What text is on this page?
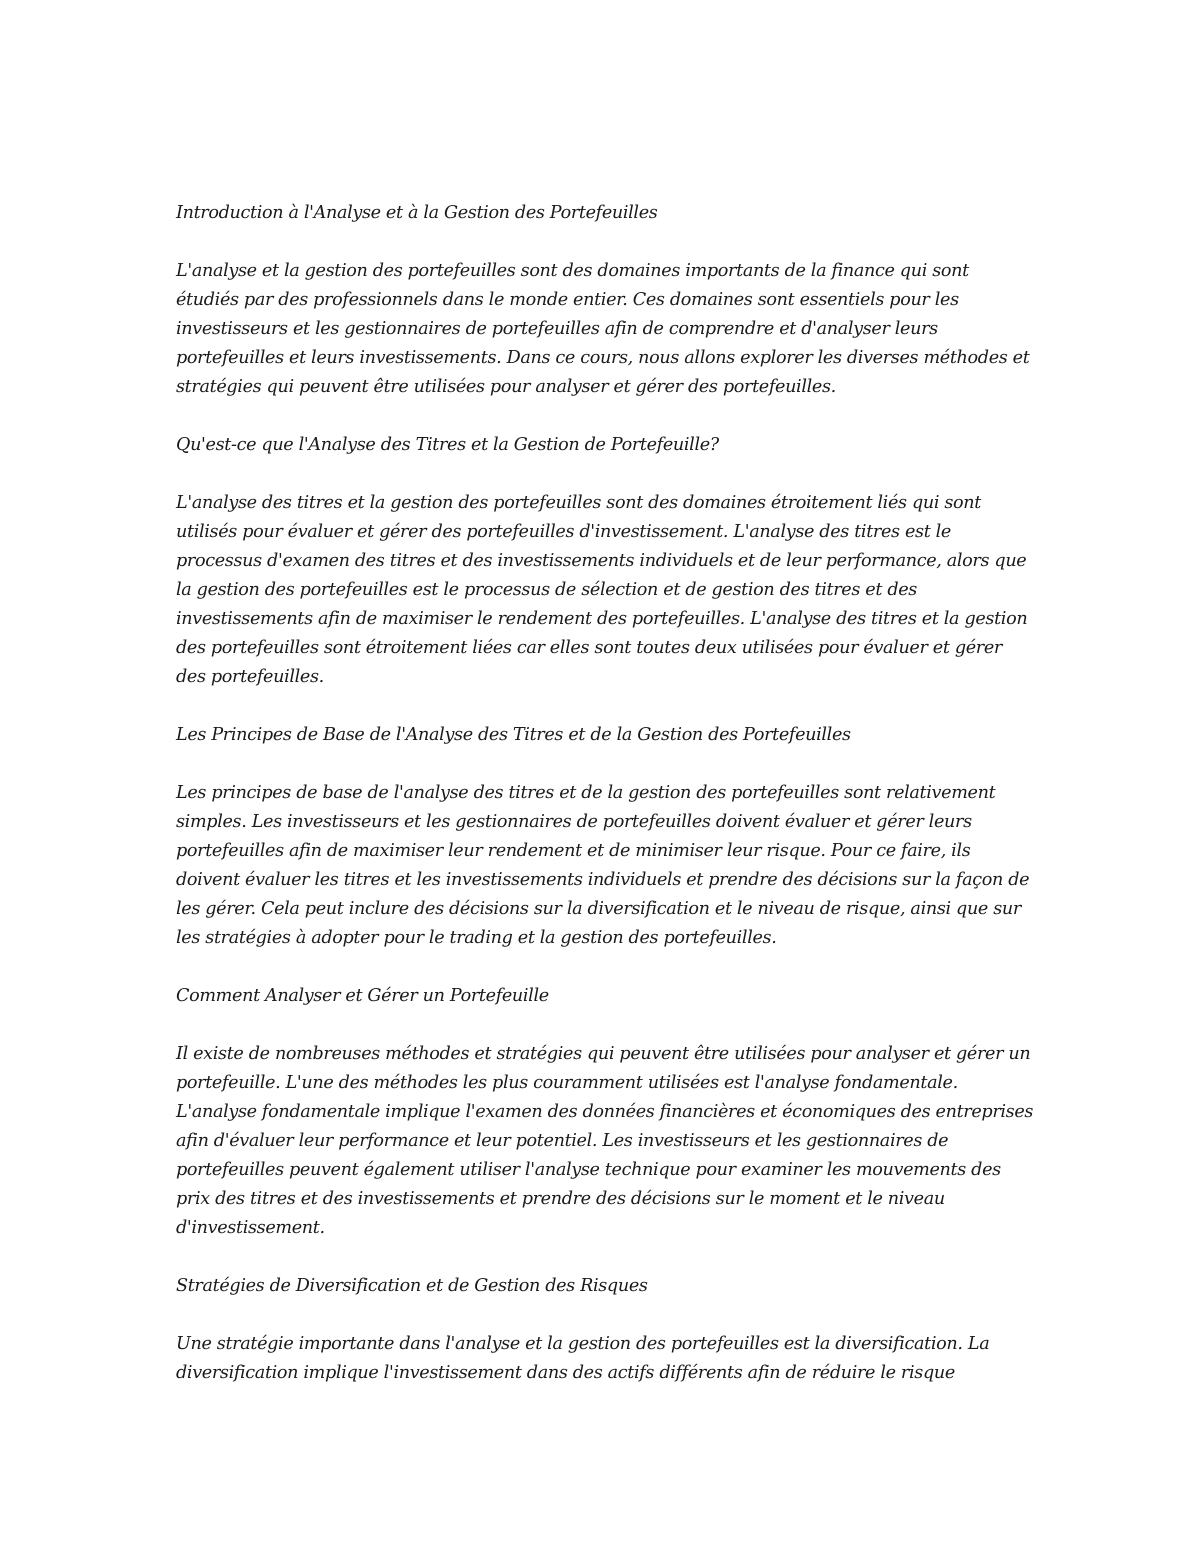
Introduction à l'Analyse et à la Gestion des Portefeuilles

L'analyse et la gestion des portefeuilles sont des domaines importants de la finance qui sont étudiés par des professionnels dans le monde entier. Ces domaines sont essentiels pour les investisseurs et les gestionnaires de portefeuilles afin de comprendre et d'analyser leurs portefeuilles et leurs investissements. Dans ce cours, nous allons explorer les diverses méthodes et stratégies qui peuvent être utilisées pour analyser et gérer des portefeuilles.

Qu'est-ce que l'Analyse des Titres et la Gestion de Portefeuille?

L'analyse des titres et la gestion des portefeuilles sont des domaines étroitement liés qui sont utilisés pour évaluer et gérer des portefeuilles d'investissement. L'analyse des titres est le processus d'examen des titres et des investissements individuels et de leur performance, alors que la gestion des portefeuilles est le processus de sélection et de gestion des titres et des investissements afin de maximiser le rendement des portefeuilles. L'analyse des titres et la gestion des portefeuilles sont étroitement liées car elles sont toutes deux utilisées pour évaluer et gérer des portefeuilles.

Les Principes de Base de l'Analyse des Titres et de la Gestion des Portefeuilles

Les principes de base de l'analyse des titres et de la gestion des portefeuilles sont relativement simples. Les investisseurs et les gestionnaires de portefeuilles doivent évaluer et gérer leurs portefeuilles afin de maximiser leur rendement et de minimiser leur risque. Pour ce faire, ils doivent évaluer les titres et les investissements individuels et prendre des décisions sur la façon de les gérer. Cela peut inclure des décisions sur la diversification et le niveau de risque, ainsi que sur les stratégies à adopter pour le trading et la gestion des portefeuilles.

Comment Analyser et Gérer un Portefeuille

Il existe de nombreuses méthodes et stratégies qui peuvent être utilisées pour analyser et gérer un portefeuille. L'une des méthodes les plus couramment utilisées est l'analyse fondamentale. L'analyse fondamentale implique l'examen des données financières et économiques des entreprises afin d'évaluer leur performance et leur potentiel. Les investisseurs et les gestionnaires de portefeuilles peuvent également utiliser l'analyse technique pour examiner les mouvements des prix des titres et des investissements et prendre des décisions sur le moment et le niveau d'investissement.

Stratégies de Diversification et de Gestion des Risques

Une stratégie importante dans l'analyse et la gestion des portefeuilles est la diversification. La diversification implique l'investissement dans des actifs différents afin de réduire le risque
